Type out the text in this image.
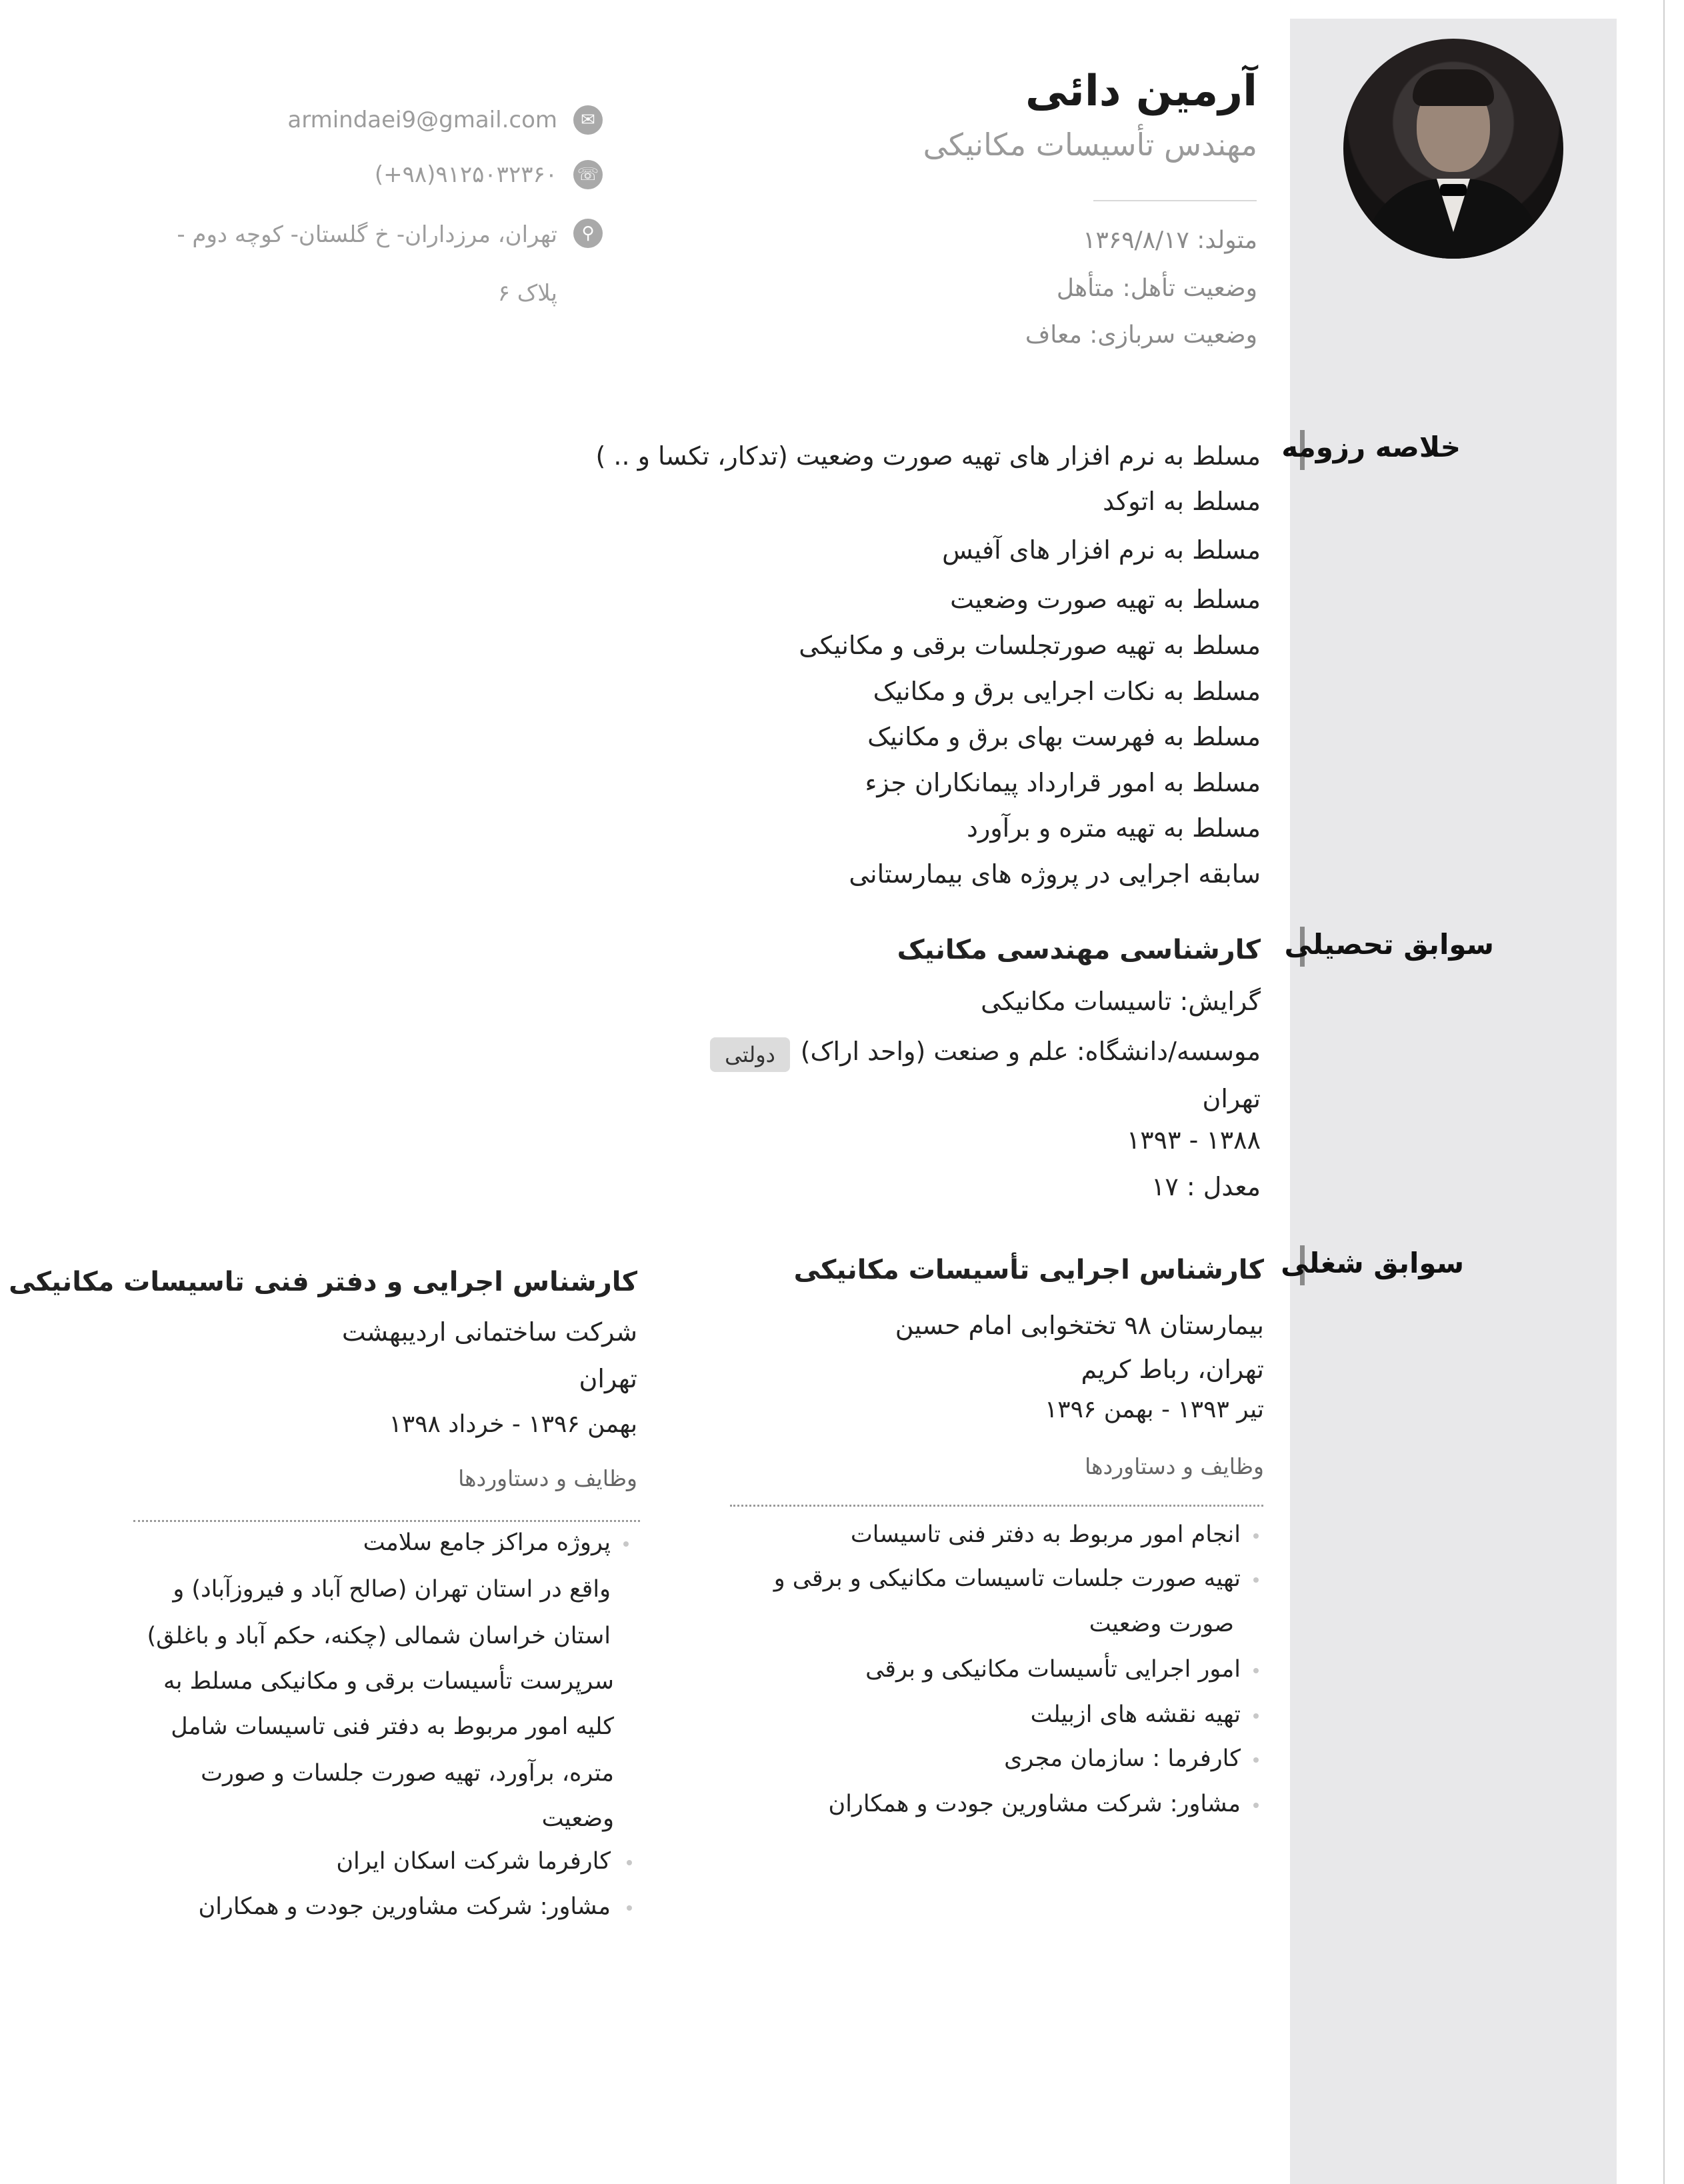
آرمین دائی
مهندس تأسیسات مکانیکی
متولد: ۱۳۶۹/۸/۱۷
وضعیت تأهل: متأهل
وضعیت سربازی: معاف
✉
armindaei9@gmail.com
☏
(+۹۸)۹۱۲۵۰۳۲۳۶۰
⚲
تهران، مرزداران- خ گلستان- کوچه دوم -
پلاک ۶
خلاصه رزومه
سوابق تحصیلی
سوابق شغلی
مسلط به نرم افزار های تهیه صورت وضعیت (تدکار، تکسا و .. )
مسلط به اتوکد
مسلط به نرم افزار های آفیس
مسلط به تهیه صورت وضعیت
مسلط به تهیه صورتجلسات برقی و مکانیکی
مسلط به نکات اجرایی برق و مکانیک
مسلط به فهرست بهای برق و مکانیک
مسلط به امور قرارداد پیمانکاران جزء
مسلط به تهیه متره و برآورد
سابقه اجرایی در پروژه های بیمارستانی
کارشناسی مهندسی مکانیک
گرایش: تاسیسات مکانیکی
موسسه/دانشگاه: علم و صنعت (واحد اراک)
دولتی
تهران
۱۳۸۸ - ۱۳۹۳
معدل : ۱۷
کارشناس اجرایی تأسیسات مکانیکی
بیمارستان ۹۸ تختخوابی امام حسین
تهران، رباط کریم
تیر ۱۳۹۳ - بهمن ۱۳۹۶
وظایف و دستاوردها
انجام امور مربوط به دفتر فنی تاسیسات
تهیه صورت جلسات تاسیسات مکانیکی و برقی و
صورت وضعیت
امور اجرایی تأسیسات مکانیکی و برقی
تهیه نقشه های ازبیلت
کارفرما : سازمان مجری
مشاور: شرکت مشاورین جودت و همکاران
کارشناس اجرایی و دفتر فنی تاسیسات مکانیکی
شرکت ساختمانی اردیبهشت
تهران
بهمن ۱۳۹۶ - خرداد ۱۳۹۸
وظایف و دستاوردها
پروژه مراکز جامع سلامت
واقع در استان تهران (صالح آباد و فیروزآباد) و
استان خراسان شمالی (چکنه، حکم آباد و باغلق)
سرپرست تأسیسات برقی و مکانیکی مسلط به
کلیه امور مربوط به دفتر فنی تاسیسات شامل
متره، برآورد، تهیه صورت جلسات و صورت
وضعیت
کارفرما شرکت اسکان ایران
مشاور: شرکت مشاورین جودت و همکاران
